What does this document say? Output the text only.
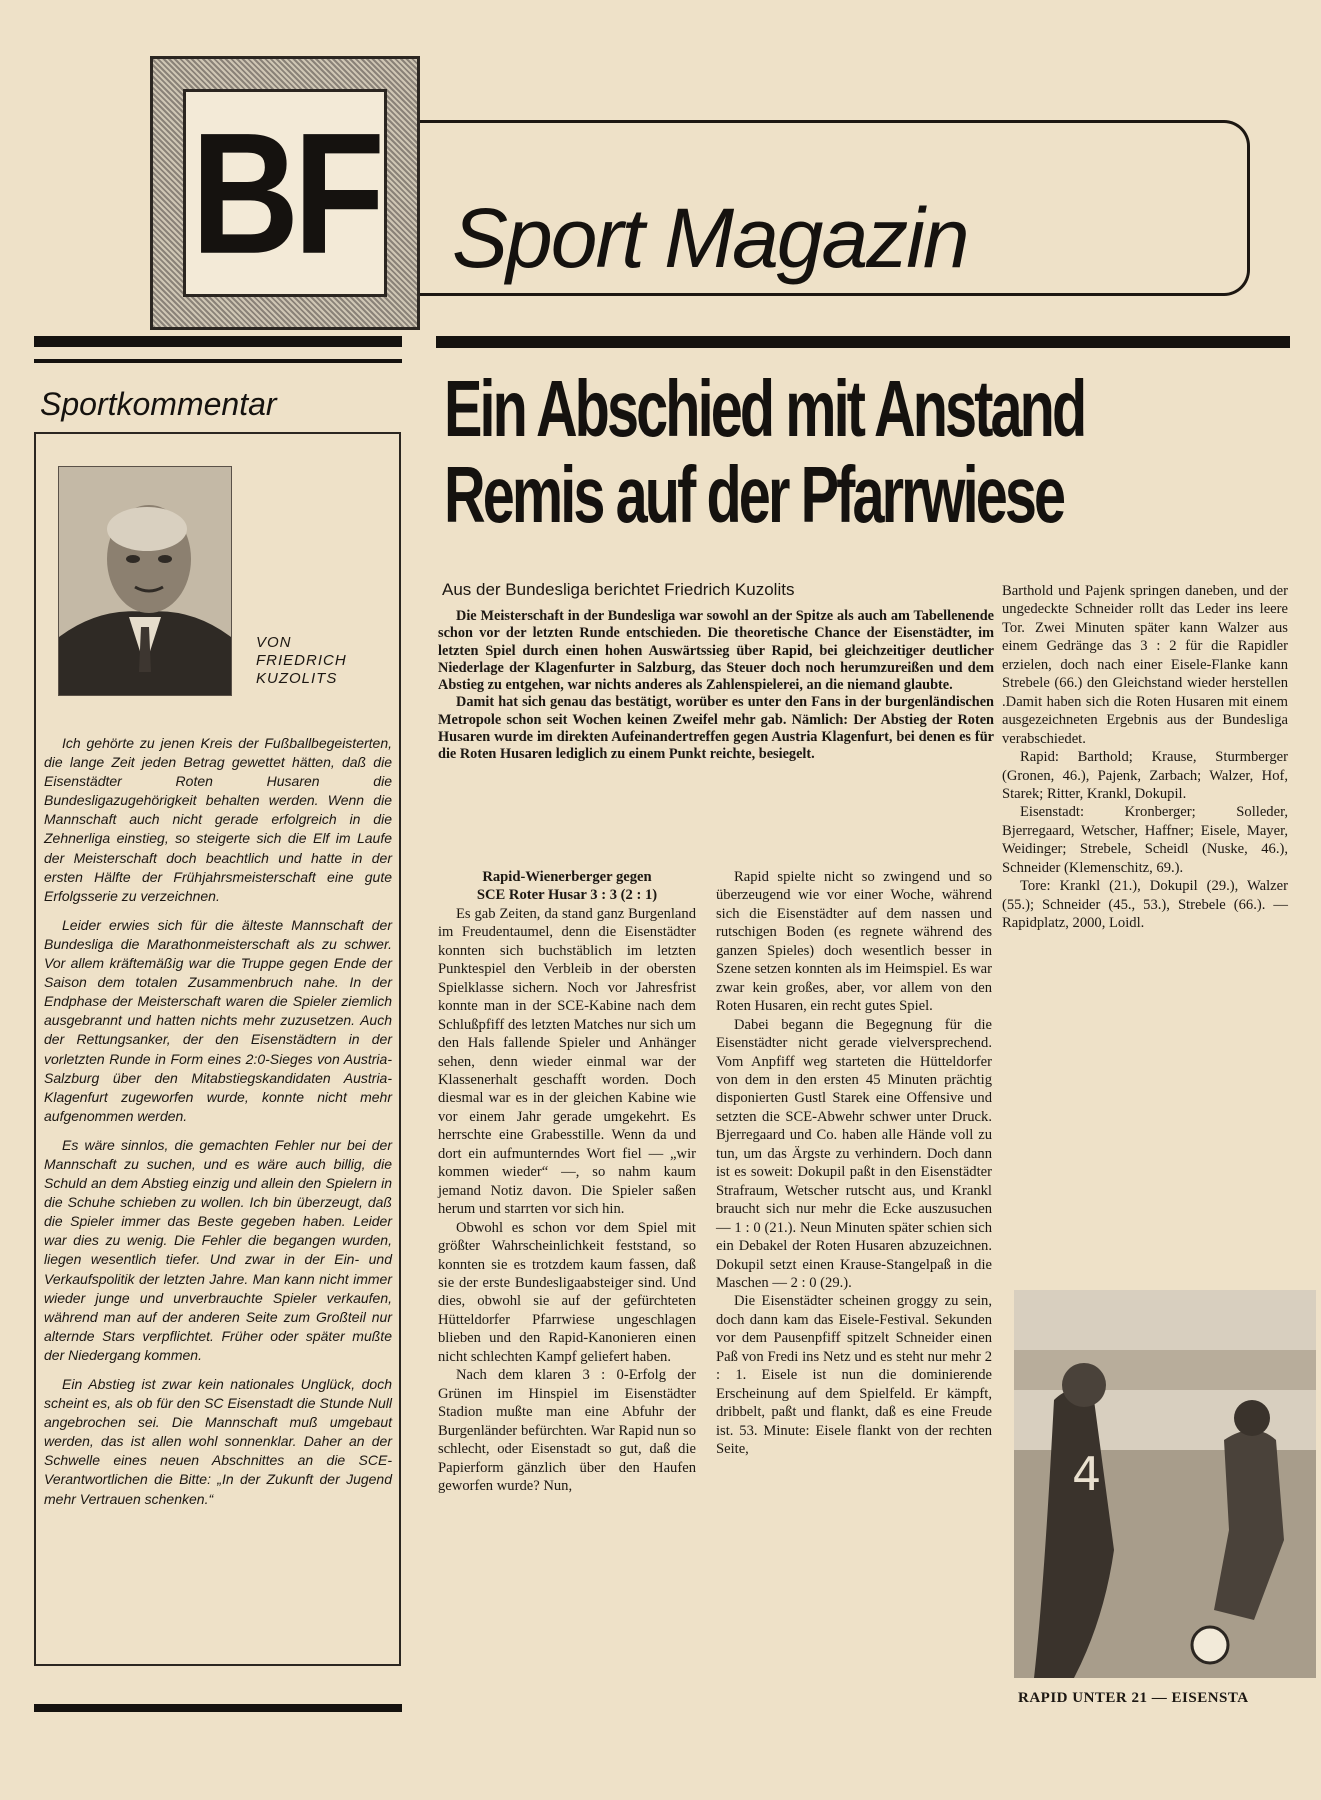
BF Sport Magazin
Sportkommentar
VON
FRIEDRICH
KUZOLITS

Ich gehörte zu jenen Kreis der Fußballbegeisterten, die lange Zeit jeden Betrag gewettet hätten, daß die Eisenstädter Roten Husaren die Bundesligazugehörigkeit behalten werden. Wenn die Mannschaft auch nicht gerade erfolgreich in die Zehnerliga einstieg, so steigerte sich die Elf im Laufe der Meisterschaft doch beachtlich und hatte in der ersten Hälfte der Frühjahrsmeisterschaft eine gute Erfolgsserie zu verzeichnen.

Leider erwies sich für die älteste Mannschaft der Bundesliga die Marathonmeisterschaft als zu schwer. Vor allem kräftemäßig war die Truppe gegen Ende der Saison dem totalen Zusammenbruch nahe. In der Endphase der Meisterschaft waren die Spieler ziemlich ausgebrannt und hatten nichts mehr zuzusetzen. Auch der Rettungsanker, der den Eisenstädtern in der vorletzten Runde in Form eines 2:0-Sieges von Austria-Salzburg über den Mitabstiegskandidaten Austria-Klagenfurt zugeworfen wurde, konnte nicht mehr aufgenommen werden.

Es wäre sinnlos, die gemachten Fehler nur bei der Mannschaft zu suchen, und es wäre auch billig, die Schuld an dem Abstieg einzig und allein den Spielern in die Schuhe schieben zu wollen. Ich bin überzeugt, daß die Spieler immer das Beste gegeben haben. Leider war dies zu wenig. Die Fehler die begangen wurden, liegen wesentlich tiefer. Und zwar in der Ein- und Verkaufspolitik der letzten Jahre. Man kann nicht immer wieder junge und unverbrauchte Spieler verkaufen, während man auf der anderen Seite zum Großteil nur alternde Stars verpflichtet. Früher oder später mußte der Niedergang kommen.

Ein Abstieg ist zwar kein nationales Unglück, doch scheint es, als ob für den SC Eisenstadt die Stunde Null angebrochen sei. Die Mannschaft muß umgebaut werden, das ist allen wohl sonnenklar. Daher an der Schwelle eines neuen Abschnittes an die SCE-Verantwortlichen die Bitte: „In der Zukunft der Jugend mehr Vertrauen schenken.“

Ein Abschied mit Anstand
Remis auf der Pfarrwiese
Aus der Bundesliga berichtet Friedrich Kuzolits

Die Meisterschaft in der Bundesliga war sowohl an der Spitze als auch am Tabellenende schon vor der letzten Runde entschieden. Die theoretische Chance der Eisenstädter, im letzten Spiel durch einen hohen Auswärtssieg über Rapid, bei gleichzeitiger deutlicher Niederlage der Klagenfurter in Salzburg, das Steuer doch noch herumzureißen und dem Abstieg zu entgehen, war nichts anderes als Zahlenspielerei, an die niemand glaubte.

Damit hat sich genau das bestätigt, worüber es unter den Fans in der burgenländischen Metropole schon seit Wochen keinen Zweifel mehr gab. Nämlich: Der Abstieg der Roten Husaren wurde im direkten Aufeinandertreffen gegen Austria Klagenfurt, bei denen es für die Roten Husaren lediglich zu einem Punkt reichte, besiegelt.

Rapid-Wienerberger gegen

SCE Roter Husar 3 : 3 (2 : 1)

Es gab Zeiten, da stand ganz Burgenland im Freudentaumel, denn die Eisenstädter konnten sich buchstäblich im letzten Punktespiel den Verbleib in der obersten Spielklasse sichern. Noch vor Jahresfrist konnte man in der SCE-Kabine nach dem Schlußpfiff des letzten Matches nur sich um den Hals fallende Spieler und Anhänger sehen, denn wieder einmal war der Klassenerhalt geschafft worden. Doch diesmal war es in der gleichen Kabine wie vor einem Jahr gerade umgekehrt. Es herrschte eine Grabesstille. Wenn da und dort ein aufmunterndes Wort fiel — „wir kommen wieder“ —, so nahm kaum jemand Notiz davon. Die Spieler saßen herum und starrten vor sich hin.

Obwohl es schon vor dem Spiel mit größter Wahrscheinlichkeit feststand, so konnten sie es trotzdem kaum fassen, daß sie der erste Bundesligaabsteiger sind. Und dies, obwohl sie auf der gefürchteten Hütteldorfer Pfarrwiese ungeschlagen blieben und den Rapid-Kanonieren einen nicht schlechten Kampf geliefert haben.

Nach dem klaren 3 : 0-Erfolg der Grünen im Hinspiel im Eisenstädter Stadion mußte man eine Abfuhr der Burgenländer befürchten. War Rapid nun so schlecht, oder Eisenstadt so gut, daß die Papierform gänzlich über den Haufen geworfen wurde? Nun,

Rapid spielte nicht so zwingend und so überzeugend wie vor einer Woche, während sich die Eisenstädter auf dem nassen und rutschigen Boden (es regnete während des ganzen Spieles) doch wesentlich besser in Szene setzen konnten als im Heimspiel. Es war zwar kein großes, aber, vor allem von den Roten Husaren, ein recht gutes Spiel.

Dabei begann die Begegnung für die Eisenstädter nicht gerade vielversprechend. Vom Anpfiff weg starteten die Hütteldorfer von dem in den ersten 45 Minuten prächtig disponierten Gustl Starek eine Offensive und setzten die SCE-Abwehr schwer unter Druck. Bjerregaard und Co. haben alle Hände voll zu tun, um das Ärgste zu verhindern. Doch dann ist es soweit: Dokupil paßt in den Eisenstädter Strafraum, Wetscher rutscht aus, und Krankl braucht sich nur mehr die Ecke auszusuchen — 1 : 0 (21.). Neun Minuten später schien sich ein Debakel der Roten Husaren abzuzeichnen. Dokupil setzt einen Krause-Stangelpaß in die Maschen — 2 : 0 (29.).

Die Eisenstädter scheinen groggy zu sein, doch dann kam das Eisele-Festival. Sekunden vor dem Pausenpfiff spitzelt Schneider einen Paß von Fredi ins Netz und es steht nur mehr 2 : 1. Eisele ist nun die dominierende Erscheinung auf dem Spielfeld. Er kämpft, dribbelt, paßt und flankt, daß es eine Freude ist. 53. Minute: Eisele flankt von der rechten Seite,

Barthold und Pajenk springen daneben, und der ungedeckte Schneider rollt das Leder ins leere Tor. Zwei Minuten später kann Walzer aus einem Gedränge das 3 : 2 für die Rapidler erzielen, doch nach einer Eisele-Flanke kann Strebele (66.) den Gleichstand wieder herstellen .Damit haben sich die Roten Husaren mit einem ausgezeichneten Ergebnis aus der Bundesliga verabschiedet.

Rapid: Barthold; Krause, Sturmberger (Gronen, 46.), Pajenk, Zarbach; Walzer, Hof, Starek; Ritter, Krankl, Dokupil.

Eisenstadt: Kronberger; Solleder, Bjerregaard, Wetscher, Haffner; Eisele, Mayer, Weidinger; Strebele, Scheidl (Nuske, 46.), Schneider (Klemenschitz, 69.).

Tore: Krankl (21.), Dokupil (29.), Walzer (55.); Schneider (45., 53.), Strebele (66.). — Rapidplatz, 2000, Loidl.

4
RAPID UNTER 21 — EISENSTA
